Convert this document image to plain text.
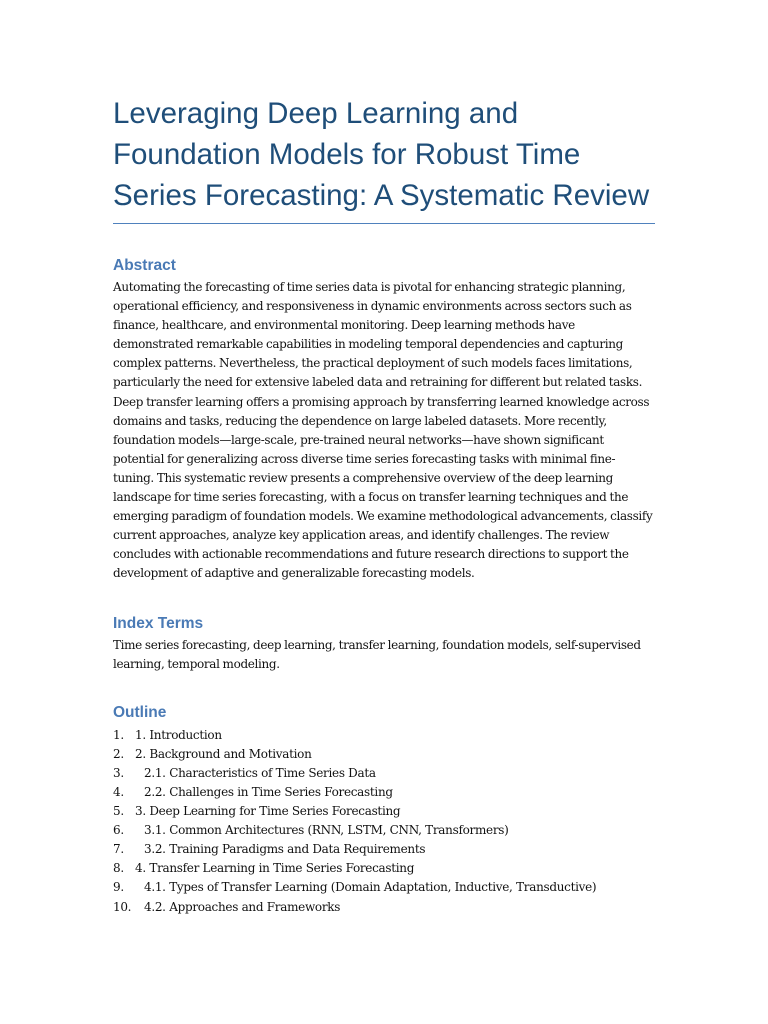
Leveraging Deep Learning and Foundation Models for Robust Time Series Forecasting: A Systematic Review
Abstract

Automating the forecasting of time series data is pivotal for enhancing strategic planning, operational efficiency, and responsiveness in dynamic environments across sectors such as finance, healthcare, and environmental monitoring. Deep learning methods have demonstrated remarkable capabilities in modeling temporal dependencies and capturing complex patterns. Nevertheless, the practical deployment of such models faces limitations, particularly the need for extensive labeled data and retraining for different but related tasks. Deep transfer learning offers a promising approach by transferring learned knowledge across domains and tasks, reducing the dependence on large labeled datasets. More recently, foundation models—large-scale, pre-trained neural networks—have shown significant potential for generalizing across diverse time series forecasting tasks with minimal fine-tuning. This systematic review presents a comprehensive overview of the deep learning landscape for time series forecasting, with a focus on transfer learning techniques and the emerging paradigm of foundation models. We examine methodological advancements, classify current approaches, analyze key application areas, and identify challenges. The review concludes with actionable recommendations and future research directions to support the development of adaptive and generalizable forecasting models.

Index Terms

Time series forecasting, deep learning, transfer learning, foundation models, self-supervised learning, temporal modeling.

Outline
1. 1. Introduction
2. 2. Background and Motivation
3.	2.1. Characteristics of Time Series Data
4.	2.2. Challenges in Time Series Forecasting
5. 3. Deep Learning for Time Series Forecasting
6.	3.1. Common Architectures (RNN, LSTM, CNN, Transformers)
7.	3.2. Training Paradigms and Data Requirements
8. 4. Transfer Learning in Time Series Forecasting
9.	4.1. Types of Transfer Learning (Domain Adaptation, Inductive, Transductive)
10.	4.2. Approaches and Frameworks
